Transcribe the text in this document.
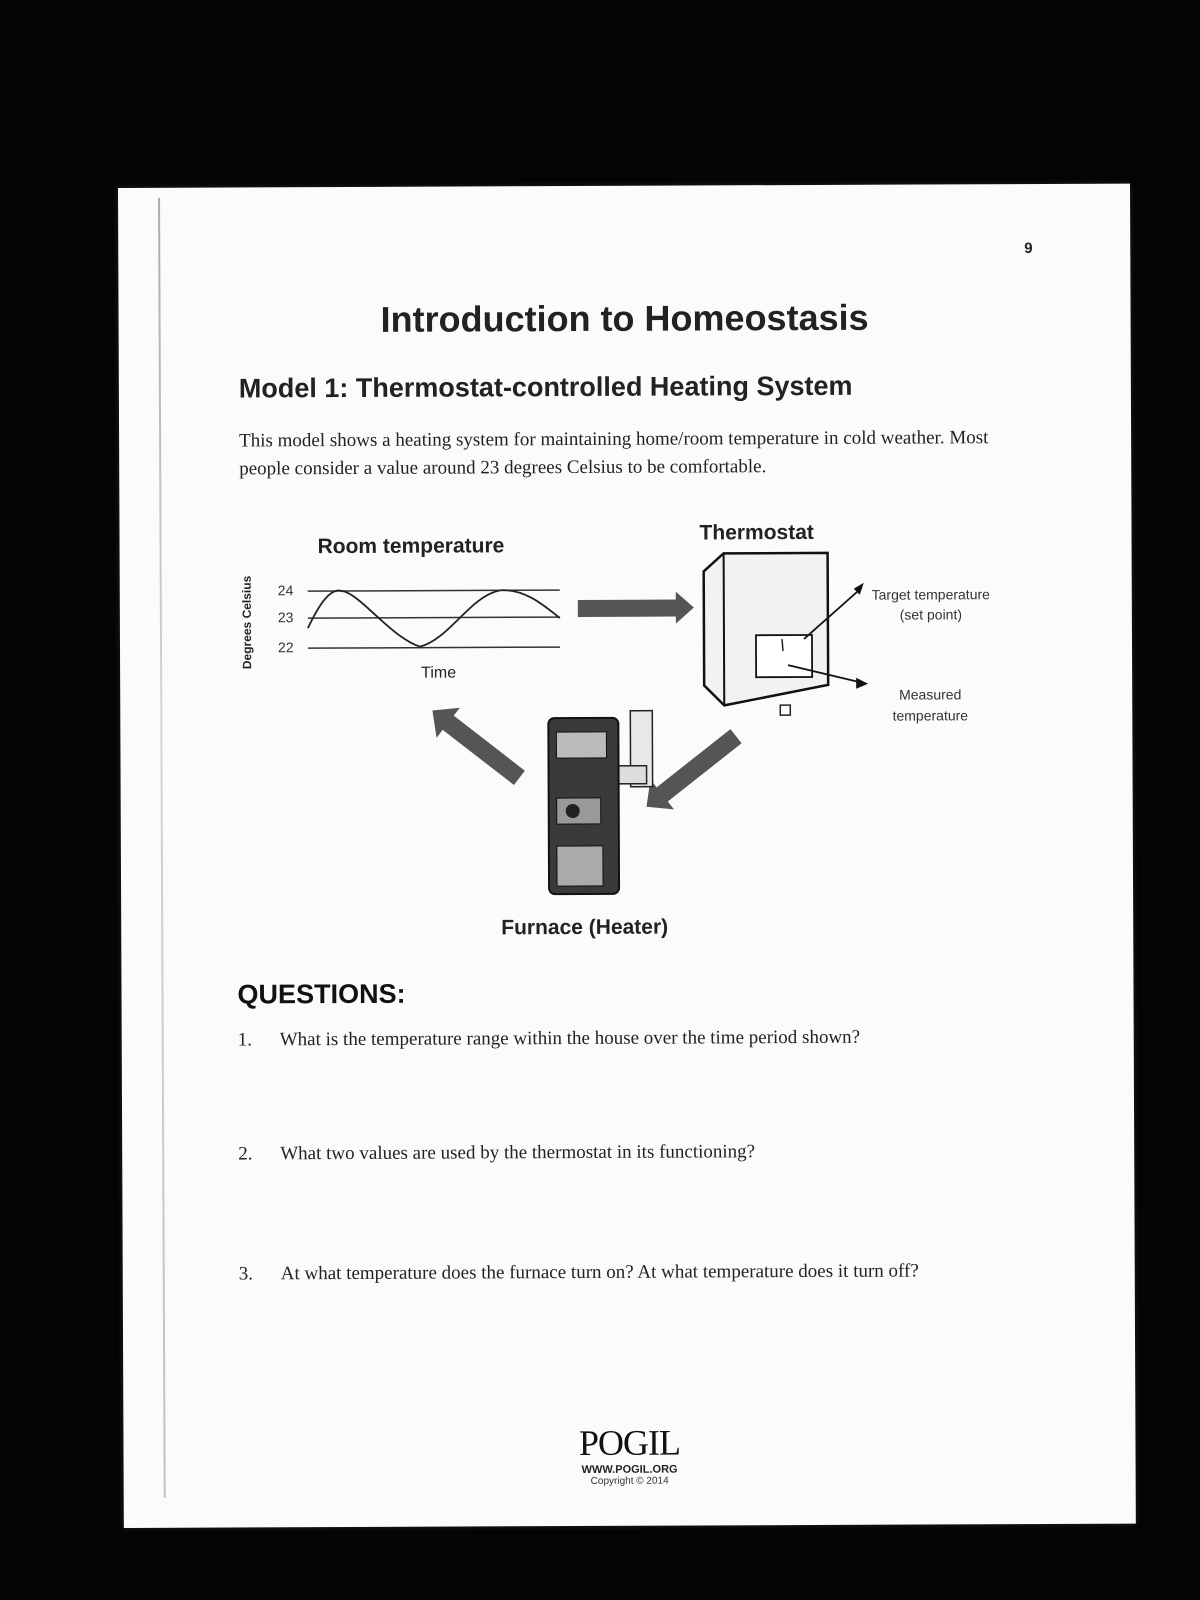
9
Introduction to Homeostasis
Model 1: Thermostat-controlled Heating System
This model shows a heating system for maintaining home/room temperature in cold weather. Most people consider a value around 23 degrees Celsius to be comfortable.
Room temperature
Degrees Celsius 24
23
22
Time
Thermostat
Target temperature
(set point)
Measured
temperature
Furnace (Heater)
QUESTIONS:
1. What is the temperature range within the house over the time period shown?
2. What two values are used by the thermostat in its functioning?
3. At what temperature does the furnace turn on? At what temperature does it turn off?
POGIL
WWW.POGIL.ORG
Copyright © 2014
